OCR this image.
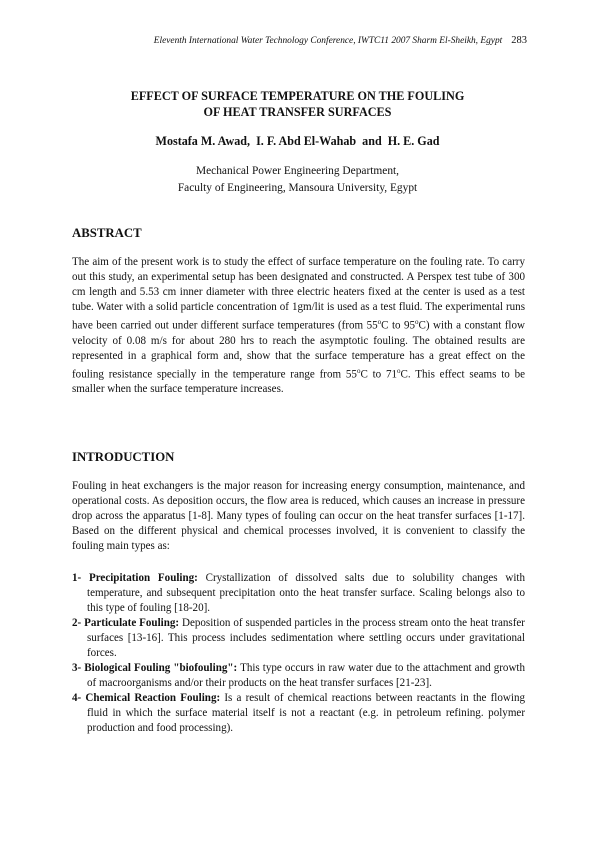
Eleventh International Water Technology Conference, IWTC11 2007 Sharm El-Sheikh, Egypt 283
EFFECT OF SURFACE TEMPERATURE ON THE FOULING
OF HEAT TRANSFER SURFACES
Mostafa M. Awad,  I. F. Abd El-Wahab  and  H. E. Gad
Mechanical Power Engineering Department,
Faculty of Engineering, Mansoura University, Egypt
ABSTRACT

The aim of the present work is to study the effect of surface temperature on the fouling rate. To carry out this study, an experimental setup has been designated and constructed. A Perspex test tube of 300 cm length and 5.53 cm inner diameter with three electric heaters fixed at the center is used as a test tube. Water with a solid particle concentration of 1gm/lit is used as a test fluid. The experimental runs have been carried out under different surface temperatures (from 55$^o$C to 95$^o$C) with a constant flow velocity of 0.08 m/s for about 280 hrs to reach the asymptotic fouling. The obtained results are represented in a graphical form and, show that the surface temperature has a great effect on the fouling resistance specially in the temperature range from 55$^o$C to 71$^o$C. This effect seams to be smaller when the surface temperature increases.

INTRODUCTION

Fouling in heat exchangers is the major reason for increasing energy consumption, maintenance, and operational costs. As deposition occurs, the flow area is reduced, which causes an increase in pressure drop across the apparatus [1-8]. Many types of fouling can occur on the heat transfer surfaces [1-17]. Based on the different physical and chemical processes involved, it is convenient to classify the fouling main types as:

1- Precipitation Fouling: Crystallization of dissolved salts due to solubility changes with temperature, and subsequent precipitation onto the heat transfer surface. Scaling belongs also to this type of fouling [18-20].
2- Particulate Fouling: Deposition of suspended particles in the process stream onto the heat transfer surfaces [13-16]. This process includes sedimentation where settling occurs under gravitational forces.
3- Biological Fouling "biofouling": This type occurs in raw water due to the attachment and growth of macroorganisms and/or their products on the heat transfer surfaces [21-23].
4- Chemical Reaction Fouling: Is a result of chemical reactions between reactants in the flowing fluid in which the surface material itself is not a reactant (e.g. in petroleum refining. polymer production and food processing).
